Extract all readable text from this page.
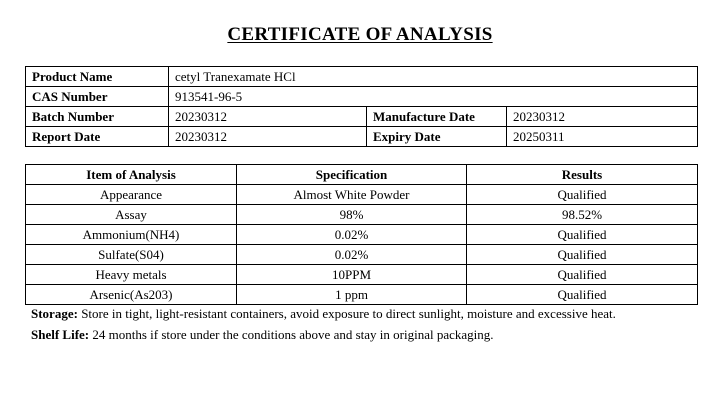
CERTIFICATE OF ANALYSIS
Product Name	cetyl Tranexamate HCl		
CAS Number	913541-96-5		
Batch Number	20230312	Manufacture Date	20230312
Report Date	20230312	Expiry Date	20250311
Item of Analysis	Specification	Results
Appearance	Almost White Powder	Qualified
Assay	98%	98.52%
Ammonium(NH4)	0.02%	Qualified
Sulfate(S04)	0.02%	Qualified
Heavy metals	10PPM	Qualified
Arsenic(As203)	1 ppm	Qualified

Storage: Store in tight, light-resistant containers, avoid exposure to direct sunlight, moisture and excessive heat.

Shelf Life: 24 months if store under the conditions above and stay in original packaging.
